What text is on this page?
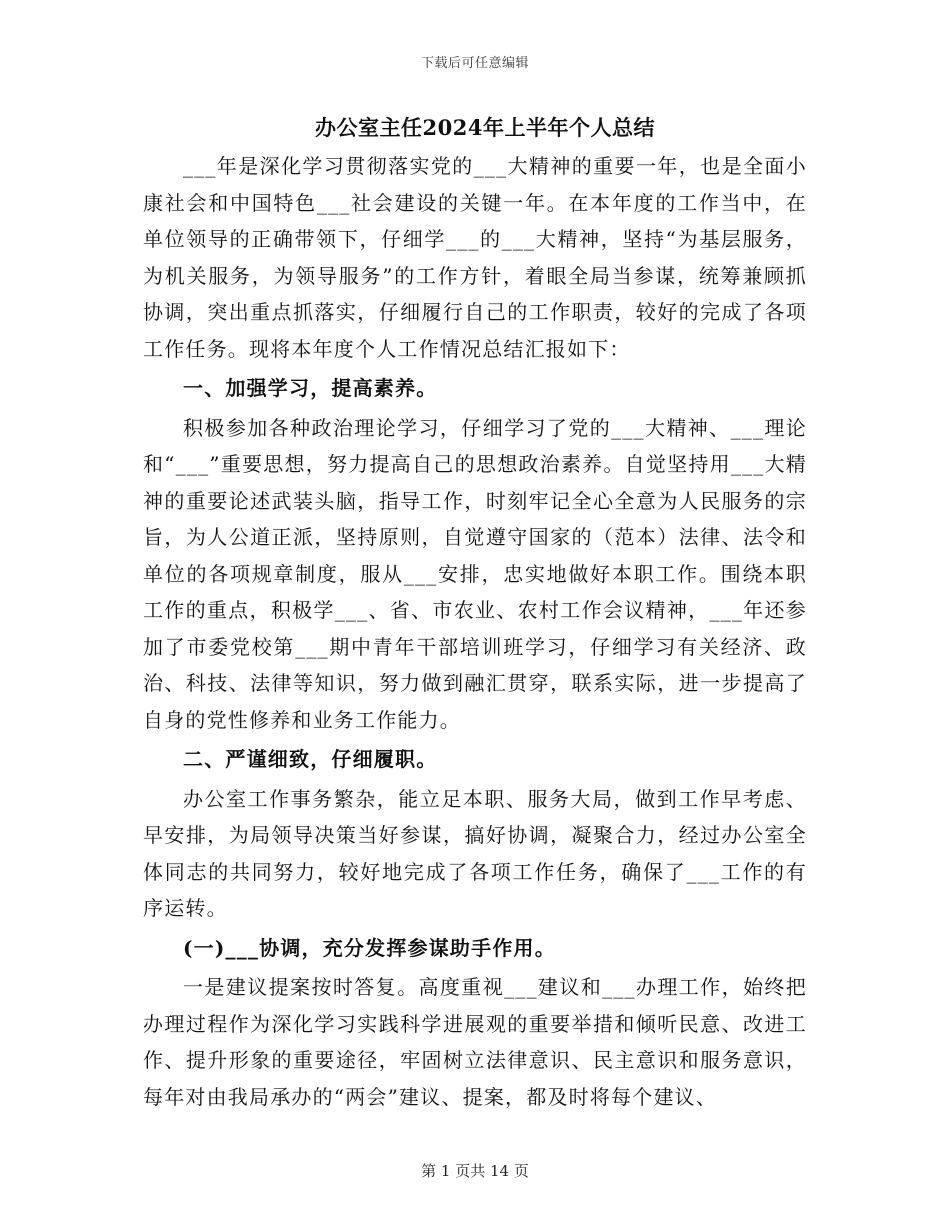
下载后可任意编辑
办公室主任2024年上半年个人总结

___年是深化学习贯彻落实党的___大精神的重要一年，也是全面小康社会和中国特色___社会建设的关键一年。在本年度的工作当中，在单位领导的正确带领下，仔细学___的___大精神，坚持“为基层服务，为机关服务，为领导服务”的工作方针，着眼全局当参谋，统筹兼顾抓协调，突出重点抓落实，仔细履行自己的工作职责，较好的完成了各项工作任务。现将本年度个人工作情况总结汇报如下：

一、加强学习，提高素养。

积极参加各种政治理论学习，仔细学习了党的___大精神、___理论和“___”重要思想，努力提高自己的思想政治素养。自觉坚持用___大精神的重要论述武装头脑，指导工作，时刻牢记全心全意为人民服务的宗旨，为人公道正派，坚持原则，自觉遵守国家的（范本）法律、法令和单位的各项规章制度，服从___安排，忠实地做好本职工作。围绕本职工作的重点，积极学___、省、市农业、农村工作会议精神，___年还参加了市委党校第___期中青年干部培训班学习，仔细学习有关经济、政治、科技、法律等知识，努力做到融汇贯穿，联系实际，进一步提高了自身的党性修养和业务工作能力。

二、严谨细致，仔细履职。

办公室工作事务繁杂，能立足本职、服务大局，做到工作早考虑、早安排，为局领导决策当好参谋，搞好协调，凝聚合力，经过办公室全体同志的共同努力，较好地完成了各项工作任务，确保了___工作的有序运转。

(一)___协调，充分发挥参谋助手作用。

一是建议提案按时答复。高度重视___建议和___办理工作，始终把办理过程作为深化学习实践科学进展观的重要举措和倾听民意、改进工作、提升形象的重要途径，牢固树立法律意识、民主意识和服务意识，每年对由我局承办的“两会”建议、提案，都及时将每个建议、

第 1 页共 14 页
